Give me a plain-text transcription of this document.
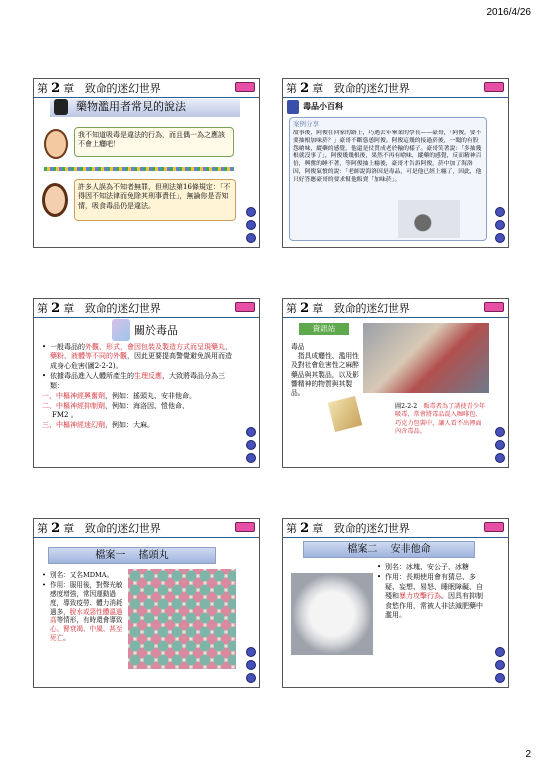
2016/4/26
第 2 章　 致命的迷幻世界
藥物濫用者常見的說法
我不知道吸毒是違法的行為，而且偶一為之應該不會上癮吧！
許多人誤為不知者無罪，但刑法第16條規定：「不得因不知法律而免除其刑事責任」，無論你是否知情，吸食毒品仍是違法。
第 2 章　 致命的迷幻世界
毒品小百科
案例分享
故事後，阿俊在回家的路上，巧遇去年畢業的學長——豪哥，「阿俊，要不要抽根加味菸？」豪哥不斷慫恿阿俊。阿俊這幾的接過菸後，一聞的有股怨嗆味，縱藥的感覺，他還是仗質成老於輸的樣子。豪哥笑著說：「多抽幾根就沒事了」，阿俊幾幾根後，果然不再有嗆味，縱藥的感覺，反而精神百倍，興奮的睡不著，等阿俊抽上癮後，豪哥才告訴阿俊，菸中加了海洛因，阿俊氣憤的說：「老師說海洛因是毒品，可是他已經上癮了，因此，他只好答應豪哥的要求幫他販賣「加味菸」。
第 2 章　 致命的迷幻世界
關於毒品
• 一般毒品的外觀、形式，會因包裝及製造方式而呈現藥丸、藥粉、液體等不同的外觀，因此更要提高警覺避免誤用而造成身心危害(圖2-2-2)。
• 依據毒品進入人體所產生的生理反應，大致將毒品分為三類：
一、中樞神經興奮劑，例如：搖頭丸、安非他命。
二、中樞神經抑制劑，例如：海洛因、愷他命、
FM2 。
三、中樞神經迷幻劑，例如：大麻。
第 2 章　 致命的迷幻世界
資訊站
毒品
　指具成癮性、濫用性及對社會危害性之麻醉藥品與其製品，以及影響精神的物質與其製品。
圖2-2-2　販毒者為了誘使青少年吸毒，常會將毒品混入咖啡包、巧克力包裝中，讓人看不出裡面內含毒品。
第 2 章　 致命的迷幻世界
檔案一　 搖頭丸
• 別名：又名MDMA。
• 作用：服用後，對聲光敏感度增強，常因運動過度，導致疫勞、體力消耗過多，脫水或惡性體溫過高等情形，有時還會導致心、腎衰竭、中風、甚至死亡。
第 2 章　 致命的迷幻世界
檔案二　 安非他命
• 別名：冰塊、安公子、冰糖
• 作用：長期使用會有猜忌、多疑、妄想、易怒、睡眠障礙、自殘和暴力攻擊行為。因具有抑制食慾作用，常被人非法減肥藥中濫用。
2
